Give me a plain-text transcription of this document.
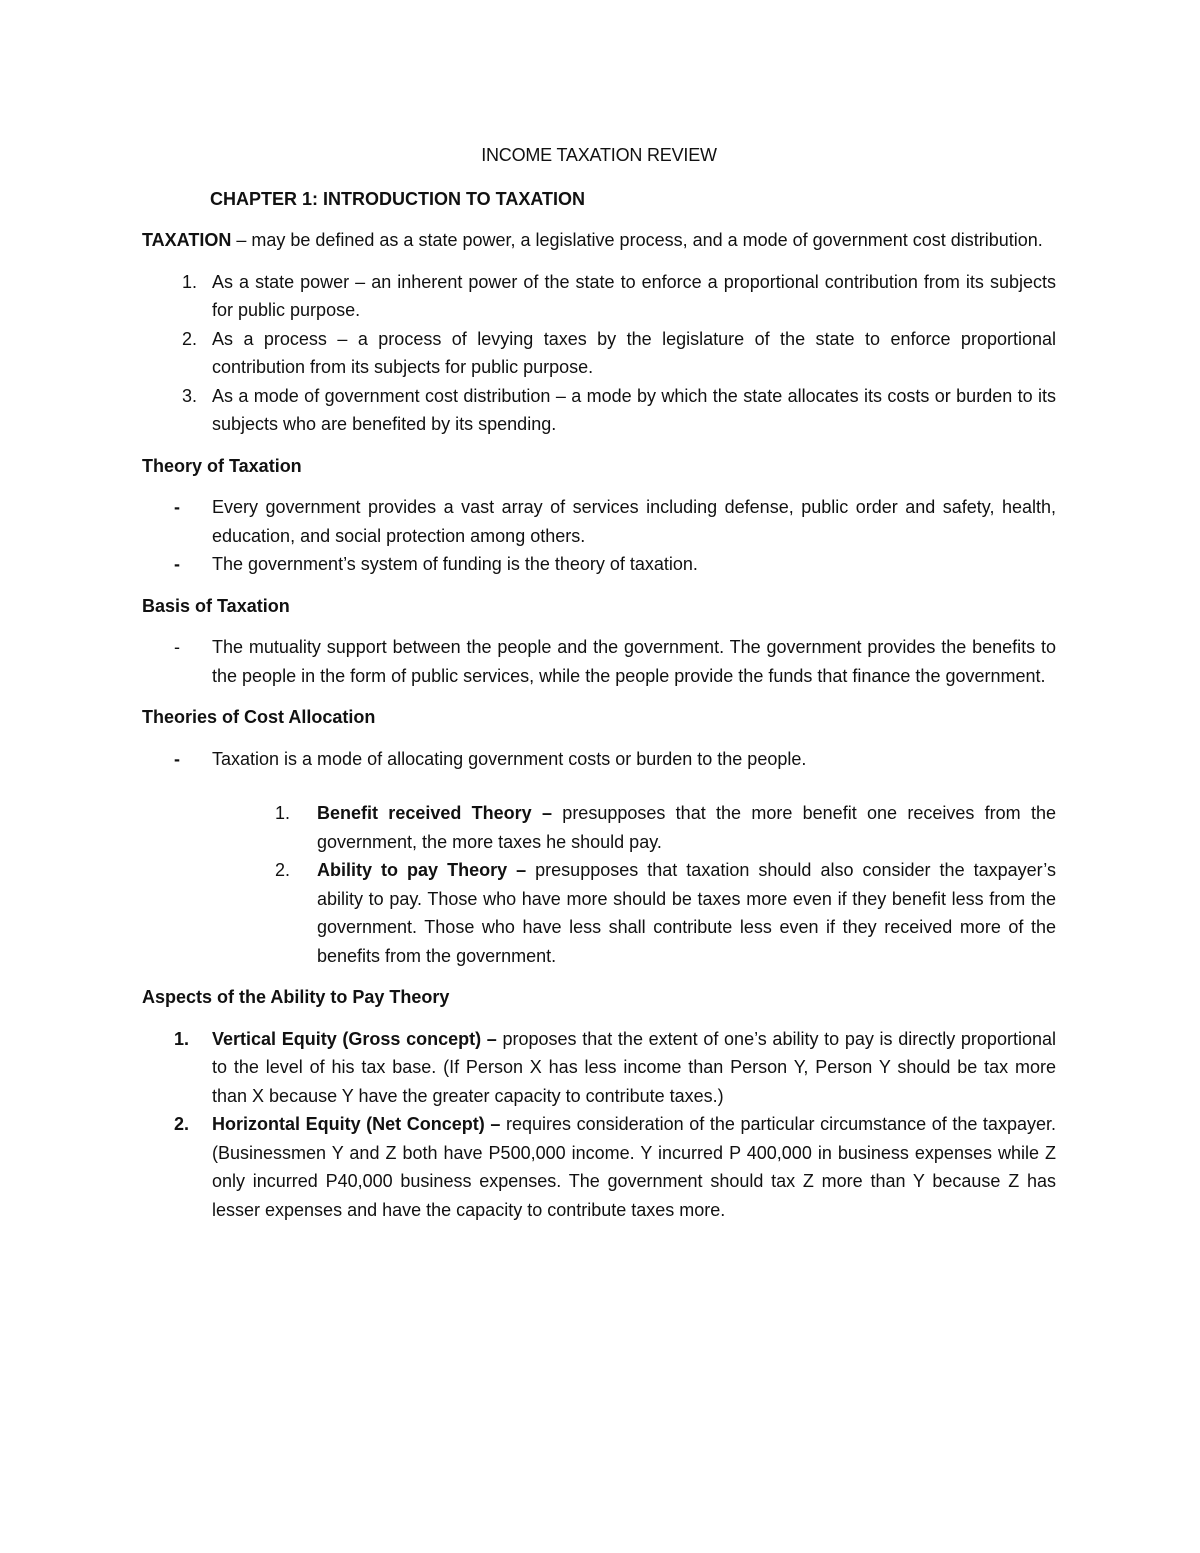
INCOME TAXATION REVIEW

CHAPTER 1: INTRODUCTION TO TAXATION

TAXATION – may be defined as a state power, a legislative process, and a mode of government cost distribution.

1. As a state power – an inherent power of the state to enforce a proportional contribution from its subjects for public purpose.
2. As a process – a process of levying taxes by the legislature of the state to enforce proportional contribution from its subjects for public purpose.
3. As a mode of government cost distribution – a mode by which the state allocates its costs or burden to its subjects who are benefited by its spending.
Theory of Taxation
- Every government provides a vast array of services including defense, public order and safety, health, education, and social protection among others.
- The government’s system of funding is the theory of taxation.
Basis of Taxation
- The mutuality support between the people and the government. The government provides the benefits to the people in the form of public services, while the people provide the funds that finance the government.
Theories of Cost Allocation
- Taxation is a mode of allocating government costs or burden to the people.
1. Benefit received Theory – presupposes that the more benefit one receives from the government, the more taxes he should pay.
2. Ability to pay Theory – presupposes that taxation should also consider the taxpayer’s ability to pay. Those who have more should be taxes more even if they benefit less from the government. Those who have less shall contribute less even if they received more of the benefits from the government.
Aspects of the Ability to Pay Theory
1. Vertical Equity (Gross concept) – proposes that the extent of one’s ability to pay is directly proportional to the level of his tax base. (If Person X has less income than Person Y, Person Y should be tax more than X because Y have the greater capacity to contribute taxes.)
2. Horizontal Equity (Net Concept) – requires consideration of the particular circumstance of the taxpayer. (Businessmen Y and Z both have P500,000 income. Y incurred P 400,000 in business expenses while Z only incurred P40,000 business expenses. The government should tax Z more than Y because Z has lesser expenses and have the capacity to contribute taxes more.
